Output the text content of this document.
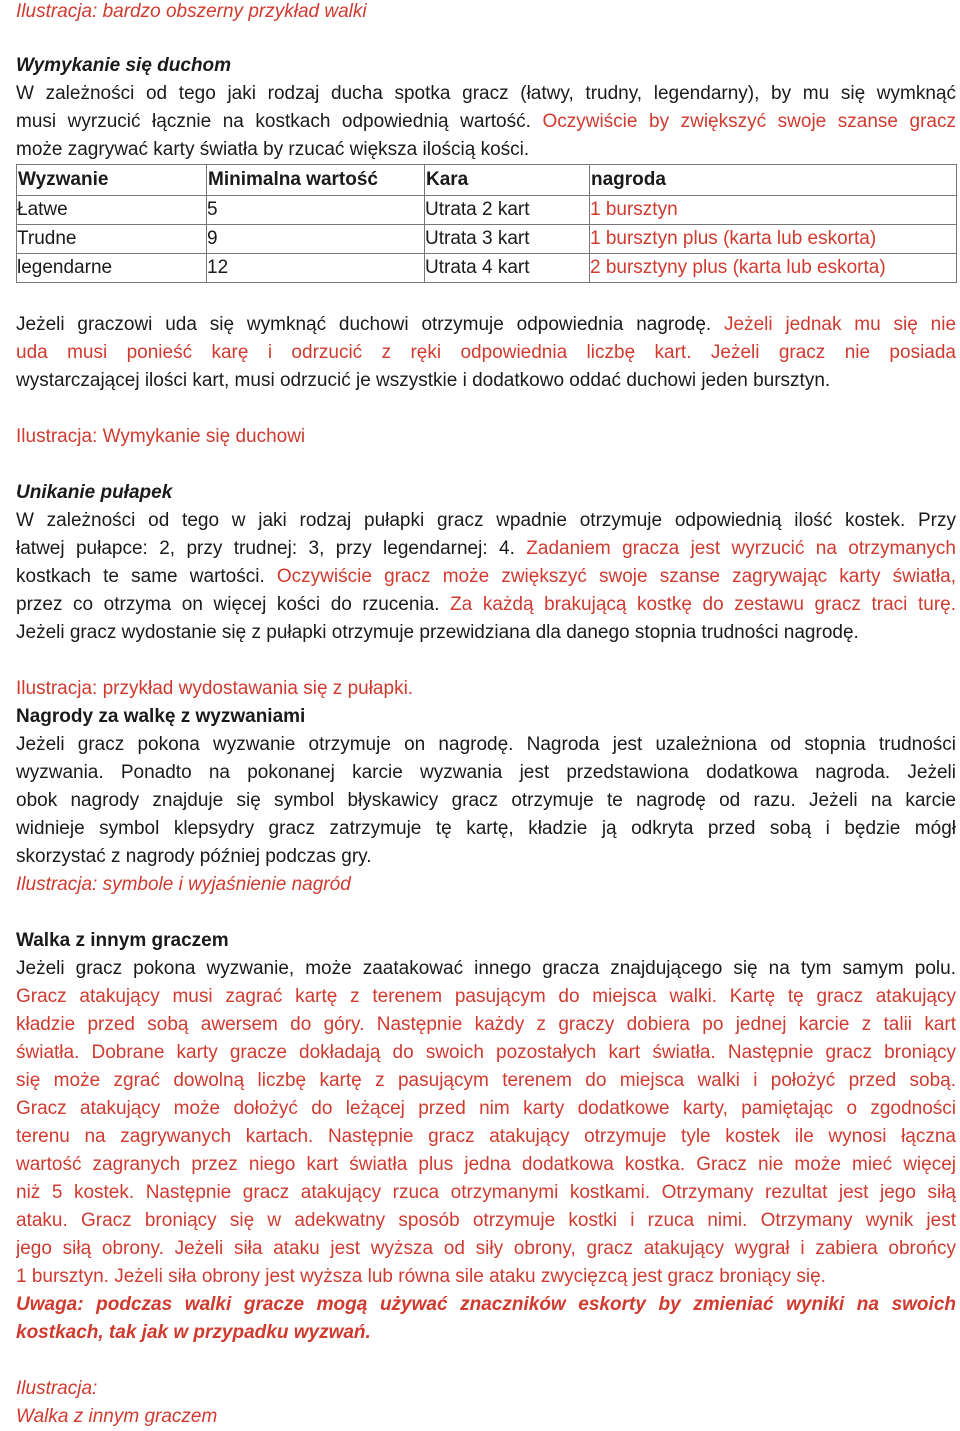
Ilustracja: bardzo obszerny przykład walki
Wymykanie się duchom
W zależności od tego jaki rodzaj ducha spotka gracz (łatwy, trudny, legendarny), by mu się wymknąć
musi wyrzucić łącznie na kostkach odpowiednią wartość. Oczywiście by zwiększyć swoje szanse gracz
może zagrywać karty światła by rzucać większa ilością kości.
Wyzwanie	Minimalna wartość	Kara	nagroda
Łatwe	5	Utrata 2 kart	1 bursztyn
Trudne	9	Utrata 3 kart	1 bursztyn plus (karta lub eskorta)
legendarne	12	Utrata 4 kart	2 bursztyny plus (karta lub eskorta)
Jeżeli graczowi uda się wymknąć duchowi otrzymuje odpowiednia nagrodę. Jeżeli jednak mu się nie
uda musi ponieść karę i odrzucić z ręki odpowiednia liczbę kart. Jeżeli gracz nie posiada
wystarczającej ilości kart, musi odrzucić je wszystkie i dodatkowo oddać duchowi jeden bursztyn.
Ilustracja: Wymykanie się duchowi
Unikanie pułapek
W zależności od tego w jaki rodzaj pułapki gracz wpadnie otrzymuje odpowiednią ilość kostek. Przy
łatwej pułapce: 2, przy trudnej: 3, przy legendarnej: 4. Zadaniem gracza jest wyrzucić na otrzymanych
kostkach te same wartości. Oczywiście gracz może zwiększyć swoje szanse zagrywając karty światła,
przez co otrzyma on więcej kości do rzucenia. Za każdą brakującą kostkę do zestawu gracz traci turę.
Jeżeli gracz wydostanie się z pułapki otrzymuje przewidziana dla danego stopnia trudności nagrodę.
Ilustracja: przykład wydostawania się z pułapki.
Nagrody za walkę z wyzwaniami
Jeżeli gracz pokona wyzwanie otrzymuje on nagrodę. Nagroda jest uzależniona od stopnia trudności
wyzwania. Ponadto na pokonanej karcie wyzwania jest przedstawiona dodatkowa nagroda. Jeżeli
obok nagrody znajduje się symbol błyskawicy gracz otrzymuje te nagrodę od razu. Jeżeli na karcie
widnieje symbol klepsydry gracz zatrzymuje tę kartę, kładzie ją odkryta przed sobą i będzie mógł
skorzystać z nagrody później podczas gry.
Ilustracja: symbole i wyjaśnienie nagród
Walka z innym graczem
Jeżeli gracz pokona wyzwanie, może zaatakować innego gracza znajdującego się na tym samym polu.
Gracz atakujący musi zagrać kartę z terenem pasującym do miejsca walki. Kartę tę gracz atakujący
kładzie przed sobą awersem do góry. Następnie każdy z graczy dobiera po jednej karcie z talii kart
światła. Dobrane karty gracze dokładają do swoich pozostałych kart światła. Następnie gracz broniący
się może zgrać dowolną liczbę kartę z pasującym terenem do miejsca walki i położyć przed sobą.
Gracz atakujący może dołożyć do leżącej przed nim karty dodatkowe karty, pamiętając o zgodności
terenu na zagrywanych kartach. Następnie gracz atakujący otrzymuje tyle kostek ile wynosi łączna
wartość zagranych przez niego kart światła plus jedna dodatkowa kostka. Gracz nie może mieć więcej
niż 5 kostek. Następnie gracz atakujący rzuca otrzymanymi kostkami. Otrzymany rezultat jest jego siłą
ataku. Gracz broniący się w adekwatny sposób otrzymuje kostki i rzuca nimi. Otrzymany wynik jest
jego siłą obrony. Jeżeli siła ataku jest wyższa od siły obrony, gracz atakujący wygrał i zabiera obrońcy
1 bursztyn. Jeżeli siła obrony jest wyższa lub równa sile ataku zwycięzcą jest gracz broniący się.
Uwaga: podczas walki gracze mogą używać znaczników eskorty by zmieniać wyniki na swoich
kostkach, tak jak w przypadku wyzwań.
Ilustracja:
Walka z innym graczem
